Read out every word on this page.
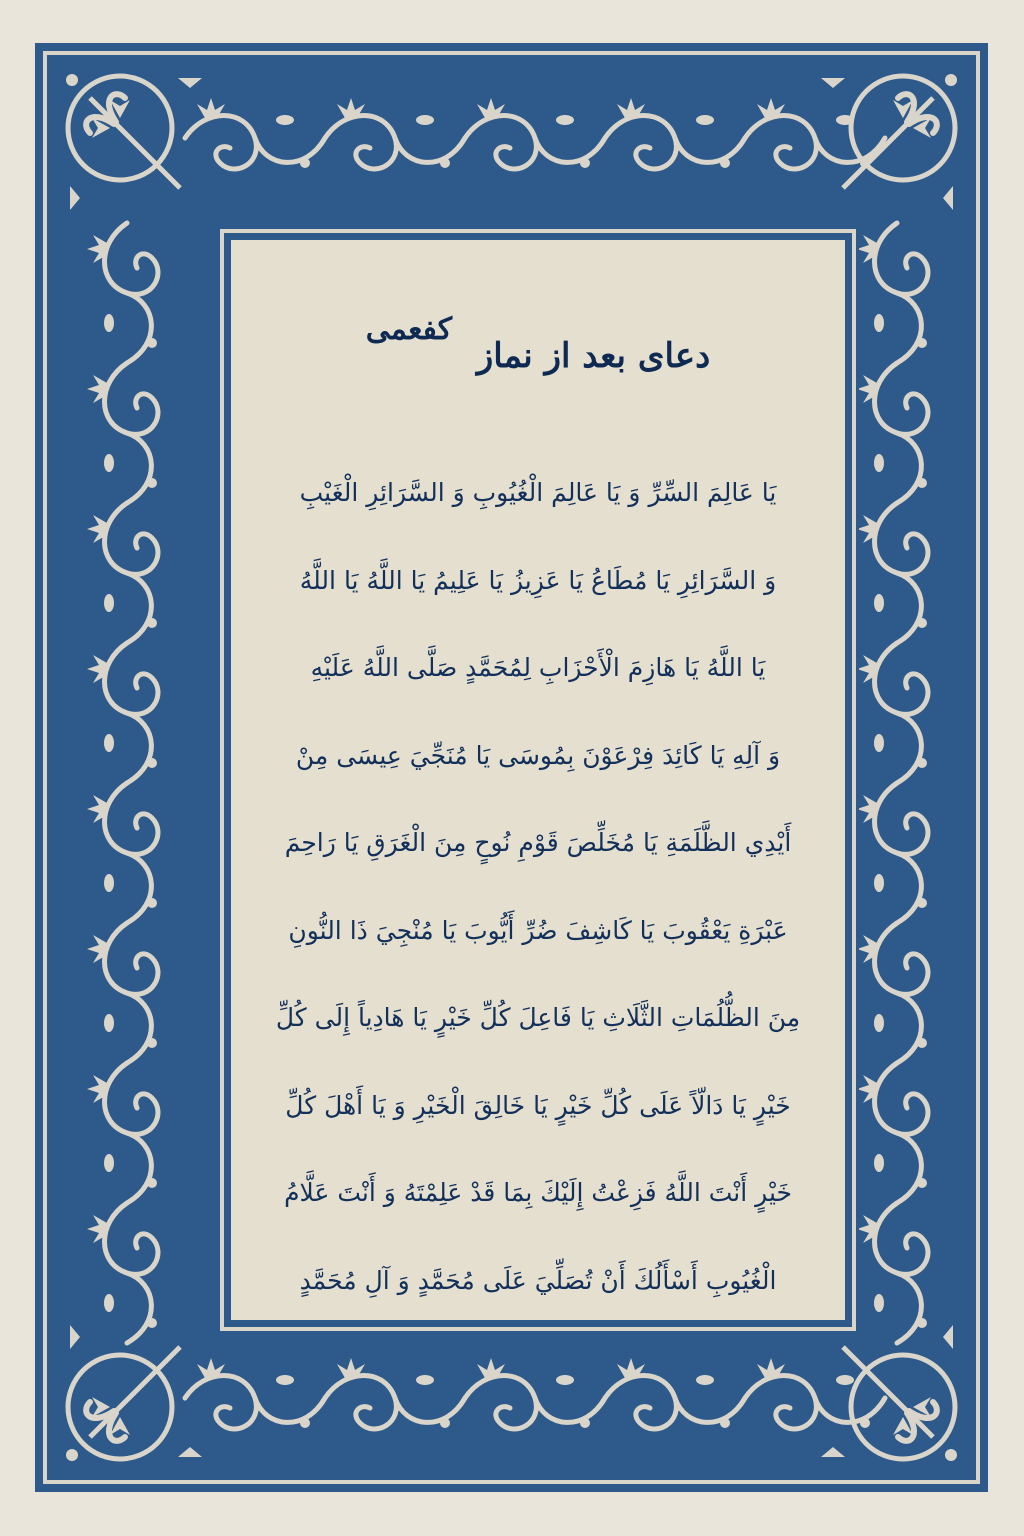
دعای بعد از نماز کفعمی
يَا عَالِمَ السِّرِّ وَ يَا عَالِمَ الْغُيُوبِ وَ السَّرَائِرِ الْغَيْبِ
وَ السَّرَائِرِ يَا مُطَاعُ يَا عَزِيزُ يَا عَلِيمُ يَا اللَّهُ يَا اللَّهُ
يَا اللَّهُ يَا هَازِمَ الْأَحْزَابِ لِمُحَمَّدٍ صَلَّى اللَّهُ عَلَيْهِ
وَ آلِهِ يَا كَائِدَ فِرْعَوْنَ بِمُوسَى يَا مُنَجِّيَ عِيسَى مِنْ
أَيْدِي الظَّلَمَةِ يَا مُخَلِّصَ قَوْمِ نُوحٍ مِنَ الْغَرَقِ يَا رَاحِمَ
عَبْرَةِ يَعْقُوبَ يَا كَاشِفَ ضُرِّ أَيُّوبَ يَا مُنْجِيَ ذَا النُّونِ
مِنَ الظُّلُمَاتِ الثَّلَاثِ يَا فَاعِلَ كُلِّ خَيْرٍ يَا هَادِياً إِلَى كُلِّ
خَيْرٍ يَا دَالّاً عَلَى كُلِّ خَيْرٍ يَا خَالِقَ الْخَيْرِ وَ يَا أَهْلَ كُلِّ
خَيْرٍ أَنْتَ اللَّهُ فَزِعْتُ إِلَيْكَ بِمَا قَدْ عَلِمْتَهُ وَ أَنْتَ عَلَّامُ
الْغُيُوبِ أَسْأَلُكَ أَنْ تُصَلِّيَ عَلَى مُحَمَّدٍ وَ آلِ مُحَمَّدٍ
